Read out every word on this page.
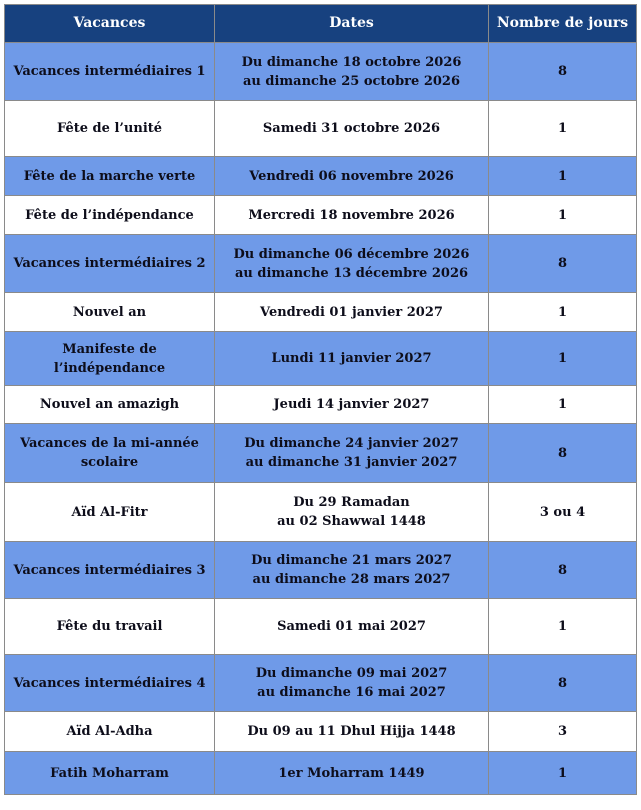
Vacances	Dates	Nombre de jours

Vacances intermédiaires 1	Du dimanche 18 octobre 2026
au dimanche 25 octobre 2026	8

Fête de l’unité	Samedi 31 octobre 2026	1

Fête de la marche verte	Vendredi 06 novembre 2026	1

Fête de l’indépendance	Mercredi 18 novembre 2026	1

Vacances intermédiaires 2	Du dimanche 06 décembre 2026
au dimanche 13 décembre 2026	8

Nouvel an	Vendredi 01 janvier 2027	1

Manifeste de
l’indépendance	Lundi 11 janvier 2027	1

Nouvel an amazigh	Jeudi 14 janvier 2027	1

Vacances de la mi-année
scolaire	Du dimanche 24 janvier 2027
au dimanche 31 janvier 2027	8

Aïd Al-Fitr	Du 29 Ramadan
au 02 Shawwal 1448	3 ou 4

Vacances intermédiaires 3	Du dimanche 21 mars 2027
au dimanche 28 mars 2027	8

Fête du travail	Samedi 01 mai 2027	1

Vacances intermédiaires 4	Du dimanche 09 mai 2027
au dimanche 16 mai 2027	8

Aïd Al-Adha	Du 09 au 11 Dhul Hijja 1448	3

Fatih Moharram	1er Moharram 1449	1
